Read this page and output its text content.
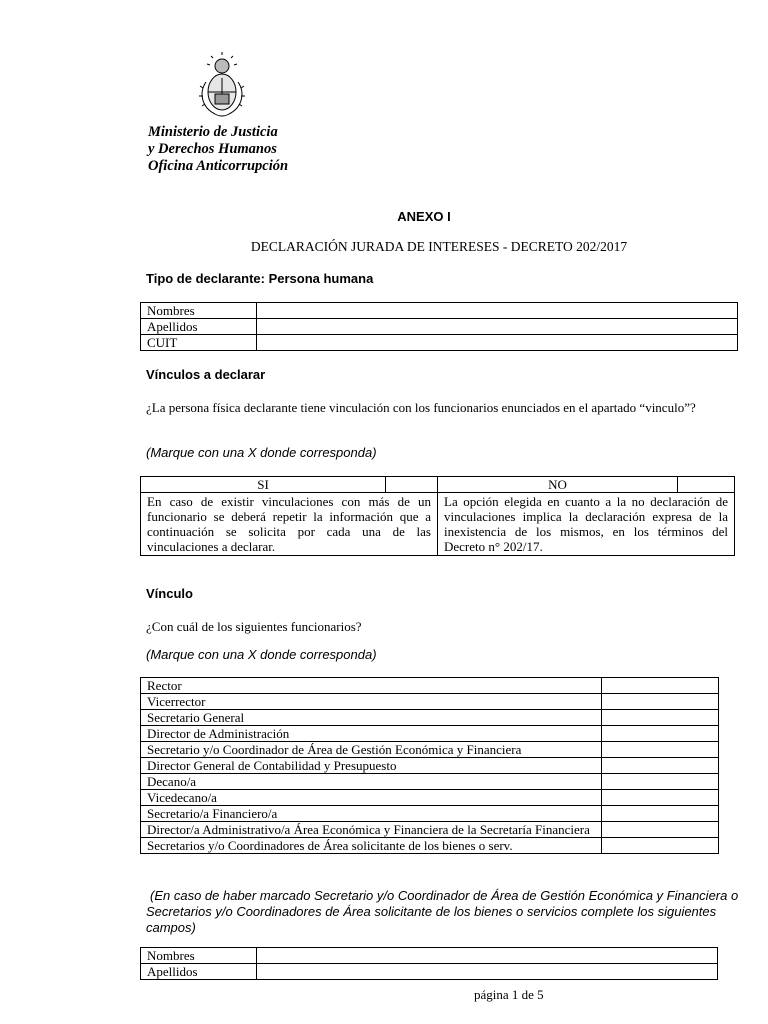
Ministerio de Justicia
y Derechos Humanos
Oficina Anticorrupción
ANEXO I
DECLARACIÓN JURADA DE INTERESES - DECRETO 202/2017
Tipo de declarante: Persona humana
Nombres	
Apellidos	
CUIT	
Vínculos a declarar
¿La persona física declarante tiene vinculación con los funcionarios enunciados en el apartado “vinculo”?
(Marque con una X donde corresponda)
SI		NO	
En caso de existir vinculaciones con más de un funcionario se deberá repetir la información que a continuación se solicita por cada una de las vinculaciones a declarar.		La opción elegida en cuanto a la no declaración de vinculaciones implica la declaración expresa de la inexistencia de los mismos, en los términos del Decreto n° 202/17.	
Vínculo
¿Con cuál de los siguientes funcionarios?
(Marque con una X donde corresponda)
Rector	
Vicerrector	
Secretario General	
Director de Administración	
Secretario y/o Coordinador de Área de Gestión Económica y Financiera	
Director General de Contabilidad y Presupuesto	
Decano/a	
Vicedecano/a	
Secretario/a Financiero/a	
Director/a Administrativo/a Área Económica y Financiera de la Secretaría Financiera	
Secretarios y/o Coordinadores de Área solicitante de los bienes o serv.	
(En caso de haber marcado Secretario y/o Coordinador de Área de Gestión Económica y Financiera o Secretarios y/o Coordinadores de Área solicitante de los bienes o servicios complete los siguientes campos)
Nombres	
Apellidos	
página 1 de 5
